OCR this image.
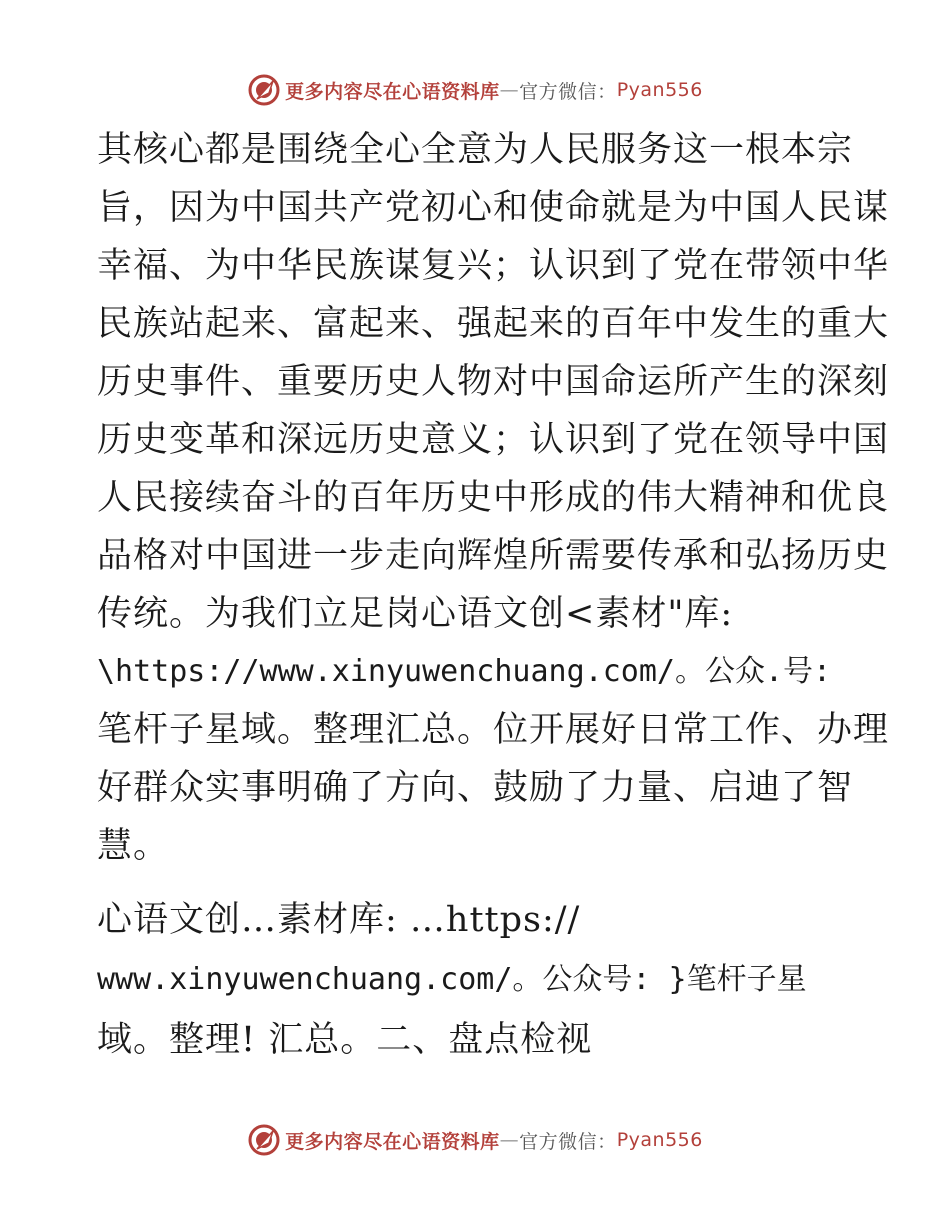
更多内容尽在心语资料库 — 官方微信： Pyan556
其核心都是围绕全心全意为人民服务这一根本宗
旨，因为中国共产党初心和使命就是为中国人民谋
幸福、为中华民族谋复兴；认识到了党在带领中华
民族站起来、富起来、强起来的百年中发生的重大
历史事件、重要历史人物对中国命运所产生的深刻
历史变革和深远历史意义；认识到了党在领导中国
人民接续奋斗的百年历史中形成的伟大精神和优良
品格对中国进一步走向辉煌所需要传承和弘扬历史
传统。为我们立足岗心语文创<素材"库:
\https://www.xinyuwenchuang.com/。公众.号:
笔杆子星域。整理汇总。位开展好日常工作、办理
好群众实事明确了方向、鼓励了力量、启迪了智
慧。
心语文创…素材库: …https://
www.xinyuwenchuang.com/。公众号: }笔杆子星
域。整理! 汇总。二、盘点检视
更多内容尽在心语资料库 — 官方微信： Pyan556
